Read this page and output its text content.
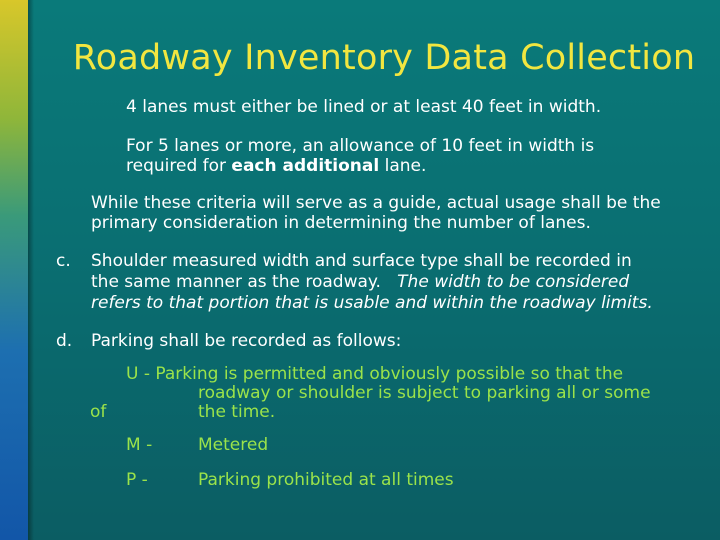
Roadway Inventory Data Collection
4 lanes must either be lined or at least 40 feet in width.
For 5 lanes or more, an allowance of 10 feet in width is
required for each additional lane.
While these criteria will serve as a guide, actual usage shall be the
primary consideration in determining the number of lanes.
c. Shoulder measured width and surface type shall be recorded in
the same manner as the roadway. The width to be considered
refers to that portion that is usable and within the roadway limits.
d. Parking shall be recorded as follows:
U - Parking is permitted and obviously possible so that the
roadway or shoulder is subject to parking all or some
of	the time.
M -	Metered
P -	Parking prohibited at all times
